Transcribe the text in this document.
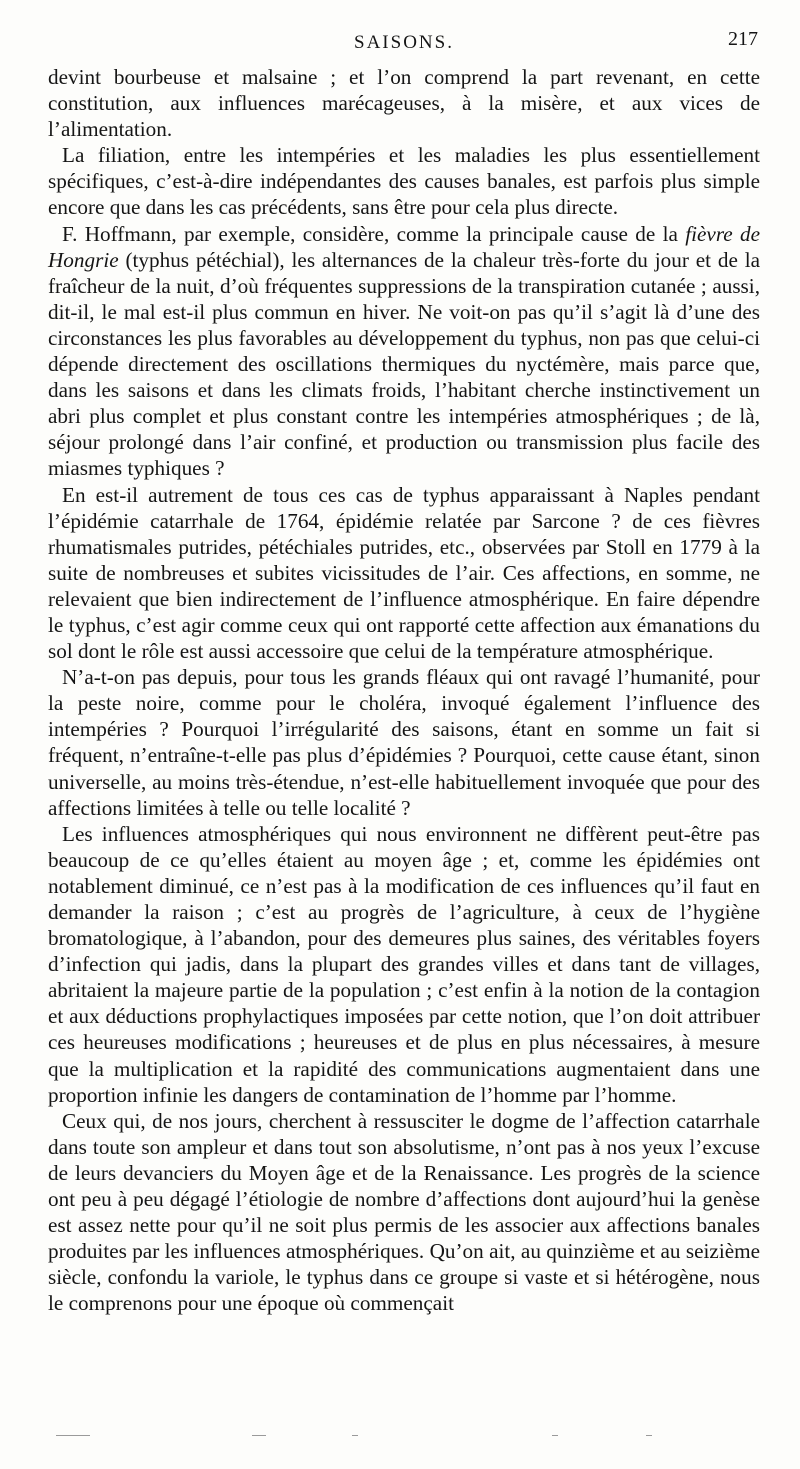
SAISONS.	217

devint bourbeuse et malsaine ; et l’on comprend la part revenant, en cette constitution, aux influences marécageuses, à la misère, et aux vices de l’alimentation.

La filiation, entre les intempéries et les maladies les plus essentiellement spécifiques, c’est-à-dire indépendantes des causes banales, est parfois plus simple encore que dans les cas précédents, sans être pour cela plus directe.

F. Hoffmann, par exemple, considère, comme la principale cause de la fièvre de Hongrie (typhus pétéchial), les alternances de la chaleur très-forte du jour et de la fraîcheur de la nuit, d’où fréquentes suppressions de la transpiration cutanée ; aussi, dit-il, le mal est-il plus commun en hiver. Ne voit-on pas qu’il s’agit là d’une des circonstances les plus favorables au développement du typhus, non pas que celui-ci dépende directement des oscillations thermiques du nyctémère, mais parce que, dans les saisons et dans les climats froids, l’habitant cherche instinctivement un abri plus complet et plus constant contre les intempéries atmosphériques ; de là, séjour prolongé dans l’air confiné, et production ou transmission plus facile des miasmes typhiques ?

En est-il autrement de tous ces cas de typhus apparaissant à Naples pendant l’épidémie catarrhale de 1764, épidémie relatée par Sarcone ? de ces fièvres rhumatismales putrides, pétéchiales putrides, etc., observées par Stoll en 1779 à la suite de nombreuses et subites vicissitudes de l’air. Ces affections, en somme, ne relevaient que bien indirectement de l’influence atmosphérique. En faire dépendre le typhus, c’est agir comme ceux qui ont rapporté cette affection aux émanations du sol dont le rôle est aussi accessoire que celui de la température atmosphérique.

N’a-t-on pas depuis, pour tous les grands fléaux qui ont ravagé l’humanité, pour la peste noire, comme pour le choléra, invoqué également l’influence des intempéries ? Pourquoi l’irrégularité des saisons, étant en somme un fait si fréquent, n’entraîne-t-elle pas plus d’épidémies ? Pourquoi, cette cause étant, sinon universelle, au moins très-étendue, n’est-elle habituellement invoquée que pour des affections limitées à telle ou telle localité ?

Les influences atmosphériques qui nous environnent ne diffèrent peut-être pas beaucoup de ce qu’elles étaient au moyen âge ; et, comme les épidémies ont notablement diminué, ce n’est pas à la modification de ces influences qu’il faut en demander la raison ; c’est au progrès de l’agriculture, à ceux de l’hygiène bromatologique, à l’abandon, pour des demeures plus saines, des véritables foyers d’infection qui jadis, dans la plupart des grandes villes et dans tant de villages, abritaient la majeure partie de la population ; c’est enfin à la notion de la contagion et aux déductions prophylactiques imposées par cette notion, que l’on doit attribuer ces heureuses modifications ; heureuses et de plus en plus nécessaires, à mesure que la multiplication et la rapidité des communications augmentaient dans une proportion infinie les dangers de contamination de l’homme par l’homme.

Ceux qui, de nos jours, cherchent à ressusciter le dogme de l’affection catarrhale dans toute son ampleur et dans tout son absolutisme, n’ont pas à nos yeux l’excuse de leurs devanciers du Moyen âge et de la Renaissance. Les progrès de la science ont peu à peu dégagé l’étiologie de nombre d’affections dont aujourd’hui la genèse est assez nette pour qu’il ne soit plus permis de les associer aux affections banales produites par les influences atmosphériques. Qu’on ait, au quinzième et au seizième siècle, confondu la variole, le typhus dans ce groupe si vaste et si hétérogène, nous le comprenons pour une époque où commençait
